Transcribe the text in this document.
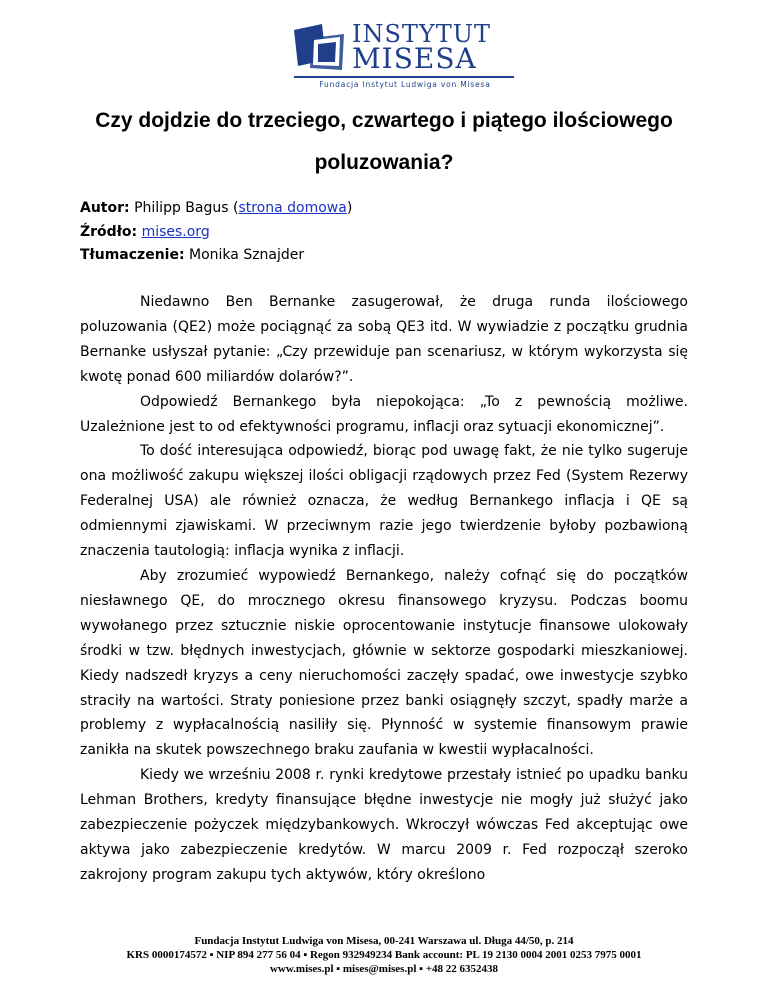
INSTYTUT
MISESA
Fundacja Instytut Ludwiga von Misesa
Czy dojdzie do trzeciego, czwartego i piątego ilościowego poluzowania?
Autor: Philipp Bagus (strona domowa)
Źródło: mises.org
Tłumaczenie: Monika Sznajder

Niedawno Ben Bernanke zasugerował, że druga runda ilościowego poluzowania (QE2) może pociągnąć za sobą QE3 itd. W wywiadzie z początku grudnia Bernanke usłyszał pytanie: „Czy przewiduje pan scenariusz, w którym wykorzysta się kwotę ponad 600 miliardów dolarów?”.

Odpowiedź Bernankego była niepokojąca: „To z pewnością możliwe. Uzależnione jest to od efektywności programu, inflacji oraz sytuacji ekonomicznej”.

To dość interesująca odpowiedź, biorąc pod uwagę fakt, że nie tylko sugeruje ona możliwość zakupu większej ilości obligacji rządowych przez Fed (System Rezerwy Federalnej USA) ale również oznacza, że według Bernankego inflacja i QE są odmiennymi zjawiskami. W przeciwnym razie jego twierdzenie byłoby pozbawioną znaczenia tautologią: inflacja wynika z inflacji.

Aby zrozumieć wypowiedź Bernankego, należy cofnąć się do początków niesławnego QE, do mrocznego okresu finansowego kryzysu. Podczas boomu wywołanego przez sztucznie niskie oprocentowanie instytucje finansowe ulokowały środki w tzw. błędnych inwestycjach, głównie w sektorze gospodarki mieszkaniowej. Kiedy nadszedł kryzys a ceny nieruchomości zaczęły spadać, owe inwestycje szybko straciły na wartości. Straty poniesione przez banki osiągnęły szczyt, spadły marże a problemy z wypłacalnością nasiliły się. Płynność w systemie finansowym prawie zanikła na skutek powszechnego braku zaufania w kwestii wypłacalności.

Kiedy we wrześniu 2008 r. rynki kredytowe przestały istnieć po upadku banku Lehman Brothers, kredyty finansujące błędne inwestycje nie mogły już służyć jako zabezpieczenie pożyczek międzybankowych. Wkroczył wówczas Fed akceptując owe aktywa jako zabezpieczenie kredytów. W marcu 2009 r. Fed rozpoczął szeroko zakrojony program zakupu tych aktywów, który określono

Fundacja Instytut Ludwiga von Misesa, 00-241 Warszawa ul. Długa 44/50, p. 214
KRS 0000174572 ▪ NIP 894 277 56 04 ▪ Regon 932949234 Bank account: PL 19 2130 0004 2001 0253 7975 0001
www.mises.pl ▪ mises@mises.pl ▪ +48 22 6352438
